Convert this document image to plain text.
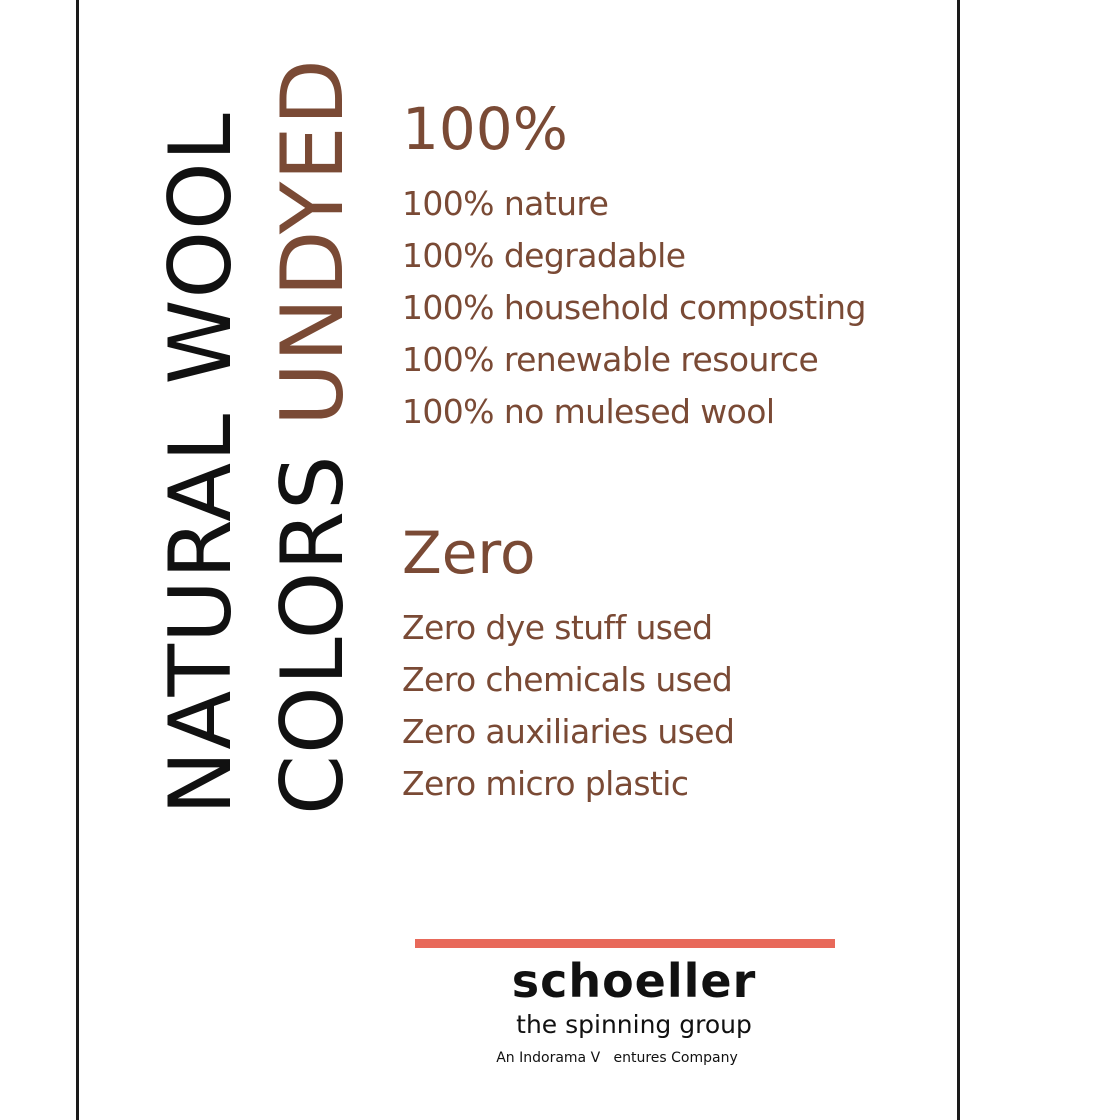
NATURAL WOOL COLORS UNDYED 100%
100% nature
100% degradable
100% household composting
100% renewable resource
100% no mulesed wool
Zero
Zero dye stuff used
Zero chemicals used
Zero auxiliaries used
Zero micro plastic
schoeller
the spinning group
An Indorama V   entures Company
